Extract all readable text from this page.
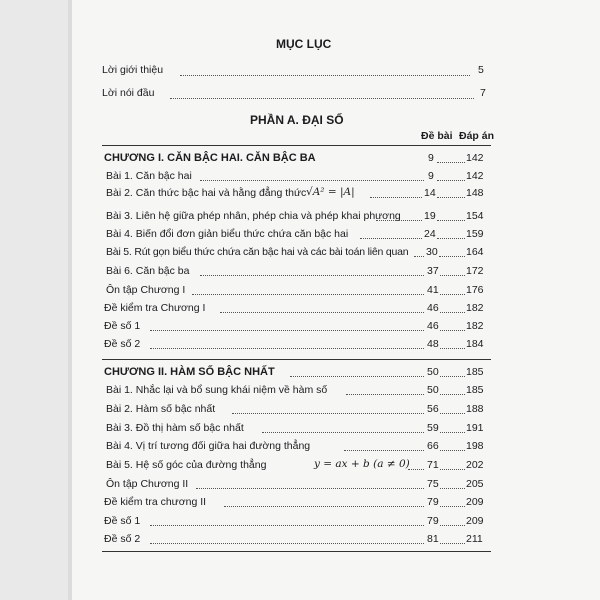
MỤC LỤC
Lời giới thiệu	5
Lời nói đầu	7
PHẦN A. ĐẠI SỐ
Đề bài Đáp án
CHƯƠNG I. CĂN BẬC HAI. CĂN BẬC BA	9	142
Bài 1. Căn bậc hai	9	142
Bài 2. Căn thức bậc hai và hằng đẳng thức √A² = |A|	14	148
Bài 3. Liên hệ giữa phép nhân, phép chia và phép khai phương 19	154
Bài 4. Biến đổi đơn giản biểu thức chứa căn bậc hai	24	159
Bài 5. Rút gọn biểu thức chứa căn bậc hai và các bài toán liên quan 30	164
Bài 6. Căn bậc ba	37	172
Ôn tập Chương I	41	176
Đề kiểm tra Chương I	46	182
Đề số 1	46	182
Đề số 2	48	184
CHƯƠNG II. HÀM SỐ BẬC NHẤT	50	185
Bài 1. Nhắc lại và bổ sung khái niệm về hàm số	50	185
Bài 2. Hàm số bậc nhất	56	188
Bài 3. Đồ thị hàm số bậc nhất	59	191
Bài 4. Vị trí tương đối giữa hai đường thẳng	66	198
Bài 5. Hệ số góc của đường thẳng	y = ax + b (a ≠ 0) 71	202
Ôn tập Chương II	75	205
Đề kiểm tra chương II	79	209
Đề số 1	79	209
Đề số 2	81	211
